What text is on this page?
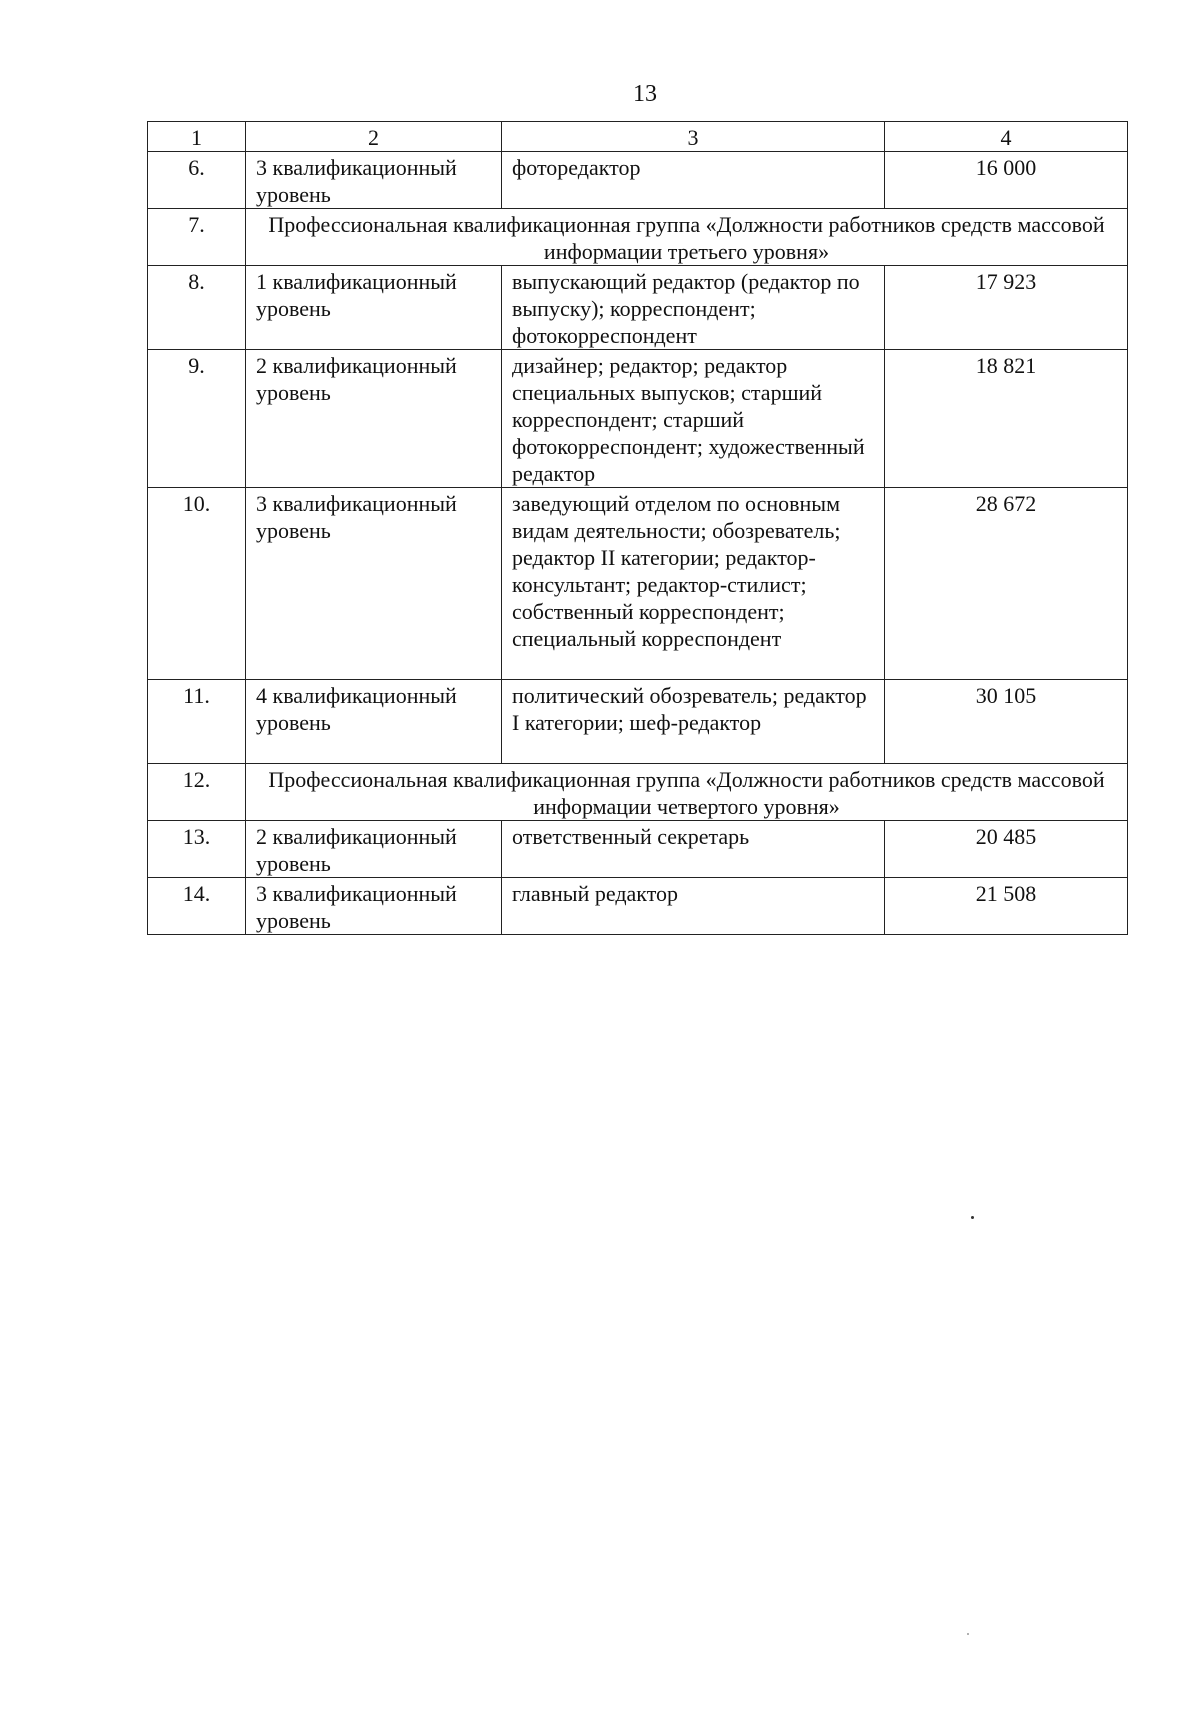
13
1	2	3	4
6.	3 квалификационный уровень	фоторедактор	16 000
7.	Профессиональная квалификационная группа «Должности работников средств массовой информации третьего уровня»		
8.	1 квалификационный уровень	выпускающий редактор (редактор по выпуску); корреспондент; фотокорреспондент	17 923
9.	2 квалификационный уровень	дизайнер; редактор; редактор специальных выпусков; старший корреспондент; старший фотокорреспондент; художественный редактор	18 821
10.	3 квалификационный уровень	заведующий отделом по основным видам деятельности; обозреватель; редактор II категории; редактор-консультант; редактор-стилист; собственный корреспондент; специальный корреспондент	28 672
11.	4 квалификационный уровень	политический обозреватель; редактор I категории; шеф-редактор	30 105
12.	Профессиональная квалификационная группа «Должности работников средств массовой информации четвертого уровня»		
13.	2 квалификационный уровень	ответственный секретарь	20 485
14.	3 квалификационный уровень	главный редактор	21 508
